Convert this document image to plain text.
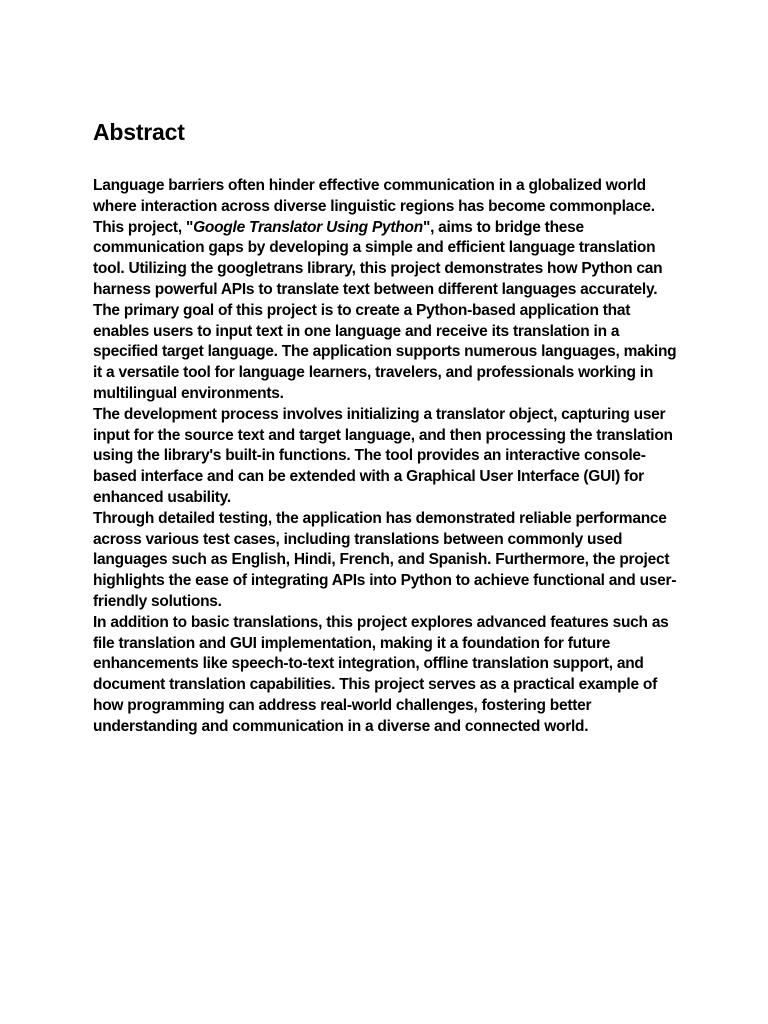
Abstract

Language barriers often hinder effective communication in a globalized world where interaction across diverse linguistic regions has become commonplace. This project, "Google Translator Using Python", aims to bridge these communication gaps by developing a simple and efficient language translation tool. Utilizing the googletrans library, this project demonstrates how Python can harness powerful APIs to translate text between different languages accurately.

The primary goal of this project is to create a Python-based application that enables users to input text in one language and receive its translation in a specified target language. The application supports numerous languages, making it a versatile tool for language learners, travelers, and professionals working in multilingual environments.

The development process involves initializing a translator object, capturing user input for the source text and target language, and then processing the translation using the library's built-in functions. The tool provides an interactive console-based interface and can be extended with a Graphical User Interface (GUI) for enhanced usability.

Through detailed testing, the application has demonstrated reliable performance across various test cases, including translations between commonly used languages such as English, Hindi, French, and Spanish. Furthermore, the project highlights the ease of integrating APIs into Python to achieve functional and user-friendly solutions.

In addition to basic translations, this project explores advanced features such as file translation and GUI implementation, making it a foundation for future enhancements like speech-to-text integration, offline translation support, and document translation capabilities. This project serves as a practical example of how programming can address real-world challenges, fostering better understanding and communication in a diverse and connected world.
